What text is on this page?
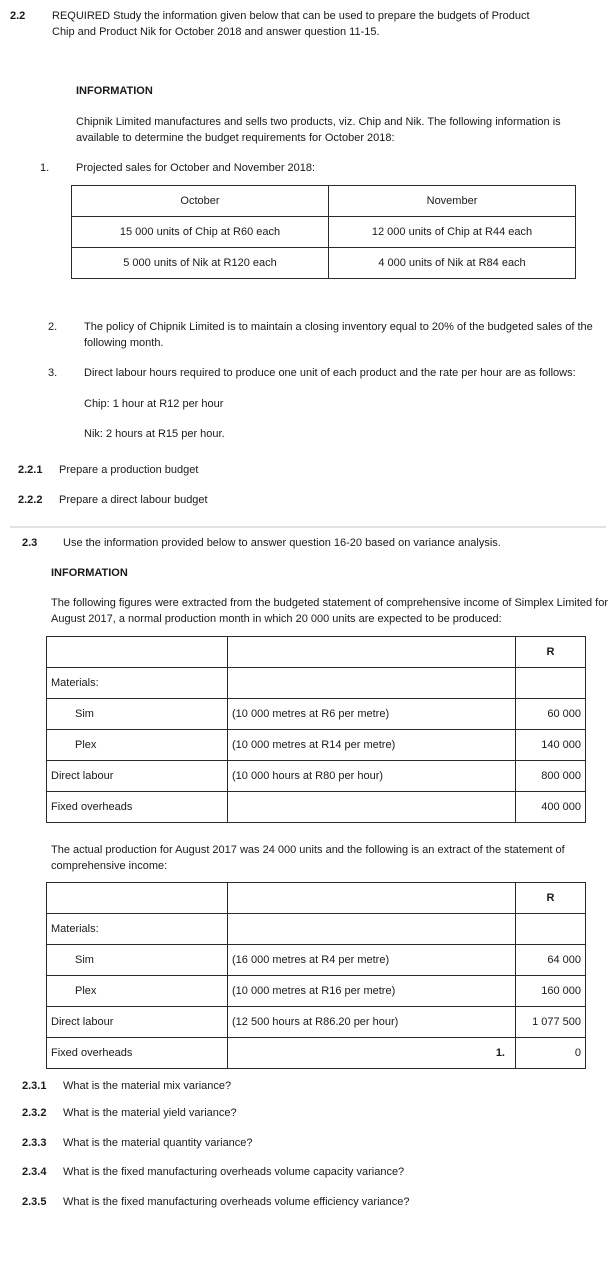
2.2 REQUIRED Study the information given below that can be used to prepare the budgets of Product
Chip and Product Nik for October 2018 and answer question 11-15.
INFORMATION
Chipnik Limited manufactures and sells two products, viz. Chip and Nik. The following information is
available to determine the budget requirements for October 2018:
1. Projected sales for October and November 2018:
October	November
15 000 units of Chip at R60 each	12 000 units of Chip at R44 each
5 000 units of Nik at R120 each	4 000 units of Nik at R84 each
2. The policy of Chipnik Limited is to maintain a closing inventory equal to 20% of the budgeted sales of the
following month.
3. Direct labour hours required to produce one unit of each product and the rate per hour are as follows:
Chip: 1 hour at R12 per hour
Nik: 2 hours at R15 per hour.
2.2.1 Prepare a production budget
2.2.2 Prepare a direct labour budget
2.3 Use the information provided below to answer question 16-20 based on variance analysis.
INFORMATION
The following figures were extracted from the budgeted statement of comprehensive income of Simplex Limited for
August 2017, a normal production month in which 20 000 units are expected to be produced:
		R
Materials:		
Sim	(10 000 metres at R6 per metre)	60 000
Plex	(10 000 metres at R14 per metre)	140 000
Direct labour	(10 000 hours at R80 per hour)	800 000
Fixed overheads		400 000
The actual production for August 2017 was 24 000 units and the following is an extract of the statement of
comprehensive income:
		R
Materials:		
Sim	(16 000 metres at R4 per metre)	64 000
Plex	(10 000 metres at R16 per metre)	160 000
Direct labour	(12 500 hours at R86.20 per hour)	1 077 500
Fixed overheads	1.	0
2.3.1 What is the material mix variance?
2.3.2 What is the material yield variance?
2.3.3 What is the material quantity variance?
2.3.4 What is the fixed manufacturing overheads volume capacity variance?
2.3.5 What is the fixed manufacturing overheads volume efficiency variance?
